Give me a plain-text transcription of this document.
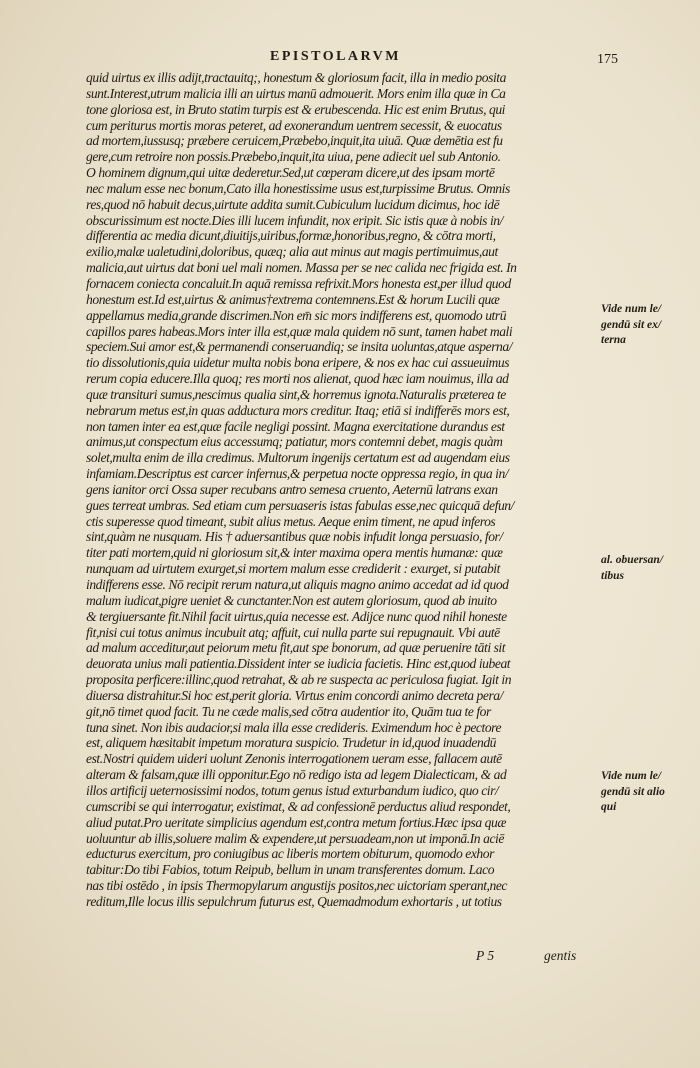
EPISTOLARVM	175
quid uirtus ex illis adijt,tractauitq;, honestum & gloriosum facit, illa in medio posita
sunt.Interest,utrum malicia illi an uirtus manū admouerit. Mors enim illa quæ in Ca
tone gloriosa est, in Bruto statim turpis est & erubescenda. Hic est enim Brutus, qui
cum periturus mortis moras peteret, ad exonerandum uentrem secessit, & euocatus
ad mortem,iussusq; præbere ceruicem,Præbebo,inquit,ita uiuā. Quæ demētia est fu
gere,cum retroire non possis.Præbebo,inquit,ita uiua, pene adiecit uel sub Antonio.
O hominem dignum,qui uitæ dederetur.Sed,ut cœperam dicere,ut des ipsam mortē
nec malum esse nec bonum,Cato illa honestissime usus est,turpissime Brutus. Omnis
res,quod nō habuit decus,uirtute addita sumit.Cubiculum lucidum dicimus, hoc idē
obscurissimum est nocte.Dies illi lucem infundit, nox eripit. Sic istis quæ à nobis in/
differentia ac media dicunt,diuitijs,uiribus,formæ,honoribus,regno, & cōtra morti,
exilio,malæ ualetudini,doloribus, quæq; alia aut minus aut magis pertimuimus,aut
malicia,aut uirtus dat boni uel mali nomen. Massa per se nec calida nec frigida est. In
fornacem coniecta concaluit.In aquā remissa refrixit.Mors honesta est,per illud quod
honestum est.Id est,uirtus & animus†extrema contemnens.Est & horum Lucili quæ
appellamus media,grande discrimen.Non em̄ sic mors indifferens est, quomodo utrū
capillos pares habeas.Mors inter illa est,quæ mala quidem nō sunt, tamen habet mali
speciem.Sui amor est,& permanendi conseruandiq; se insita uoluntas,atque asperna/
tio dissolutionis,quia uidetur multa nobis bona eripere, & nos ex hac cui assueuimus
rerum copia educere.Illa quoq; res morti nos alienat, quod hæc iam nouimus, illa ad
quæ transituri sumus,nescimus qualia sint,& horremus ignota.Naturalis præterea te
nebrarum metus est,in quas adductura mors creditur. Itaq; etiā si indifferēs mors est,
non tamen inter ea est,quæ facile negligi possint. Magna exercitatione durandus est
animus,ut conspectum eius accessumq; patiatur, mors contemni debet, magis quàm
solet,multa enim de illa credimus. Multorum ingenijs certatum est ad augendam eius
infamiam.Descriptus est carcer infernus,& perpetua nocte oppressa regio, in qua in/
gens ianitor orci Ossa super recubans antro semesa cruento, Aeternū latrans exan
gues terreat umbras. Sed etiam cum persuaseris istas fabulas esse,nec quicquā defun/
ctis superesse quod timeant, subit alius metus. Aeque enim timent, ne apud inferos
sint,quàm ne nusquam. His † aduersantibus quæ nobis infudit longa persuasio, for/
titer pati mortem,quid ni gloriosum sit,& inter maxima opera mentis humanæ: quæ
nunquam ad uirtutem exurget,si mortem malum esse crediderit : exurget, si putabit
indifferens esse. Nō recipit rerum natura,ut aliquis magno animo accedat ad id quod
malum iudicat,pigre ueniet & cunctanter.Non est autem gloriosum, quod ab inuito
& tergiuersante fit.Nihil facit uirtus,quia necesse est. Adijce nunc quod nihil honeste
fit,nisi cui totus animus incubuit atq; affuit, cui nulla parte sui repugnauit. Vbi autē
ad malum acceditur,aut peiorum metu fit,aut spe bonorum, ad quæ peruenire tāti sit
deuorata unius mali patientia.Dissident inter se iudicia facietis. Hinc est,quod iubeat
proposita perficere:illinc,quod retrahat, & ab re suspecta ac periculosa fugiat. Igit in
diuersa distrahitur.Si hoc est,perit gloria. Virtus enim concordi animo decreta pera/
git,nō timet quod facit. Tu ne cæde malis,sed cōtra audentior ito, Quām tua te for
tuna sinet. Non ibis audacior,si mala illa esse credideris. Eximendum hoc è pectore
est, aliquem hæsitabit impetum moratura suspicio. Trudetur in id,quod inuadendū
est.Nostri quidem uideri uolunt Zenonis interrogationem ueram esse, fallacem autē
alteram & falsam,quæ illi opponitur.Ego nō redigo ista ad legem Dialecticam, & ad
illos artificij ueternosissimi nodos, totum genus istud exturbandum iudico, quo cir/
cumscribi se qui interrogatur, existimat, & ad confessionē perductus aliud respondet,
aliud putat.Pro ueritate simplicius agendum est,contra metum fortius.Hæc ipsa quæ
uoluuntur ab illis,soluere malim & expendere,ut persuadeam,non ut imponā.In aciē
educturus exercitum, pro coniugibus ac liberis mortem obiturum, quomodo exhor
tabitur:Do tibi Fabios, totum Reipub, bellum in unam transferentes domum. Laco
nas tibi ostēdo , in ipsis Thermopylarum angustijs positos,nec uictoriam sperant,nec
reditum,Ille locus illis sepulchrum futurus est, Quemadmodum exhortaris , ut totius
Vide num le/
gendū sit ex/
terna
al. obuersan/
tibus
Vide num le/
gendū sit alio
qui
P 5	gentis
